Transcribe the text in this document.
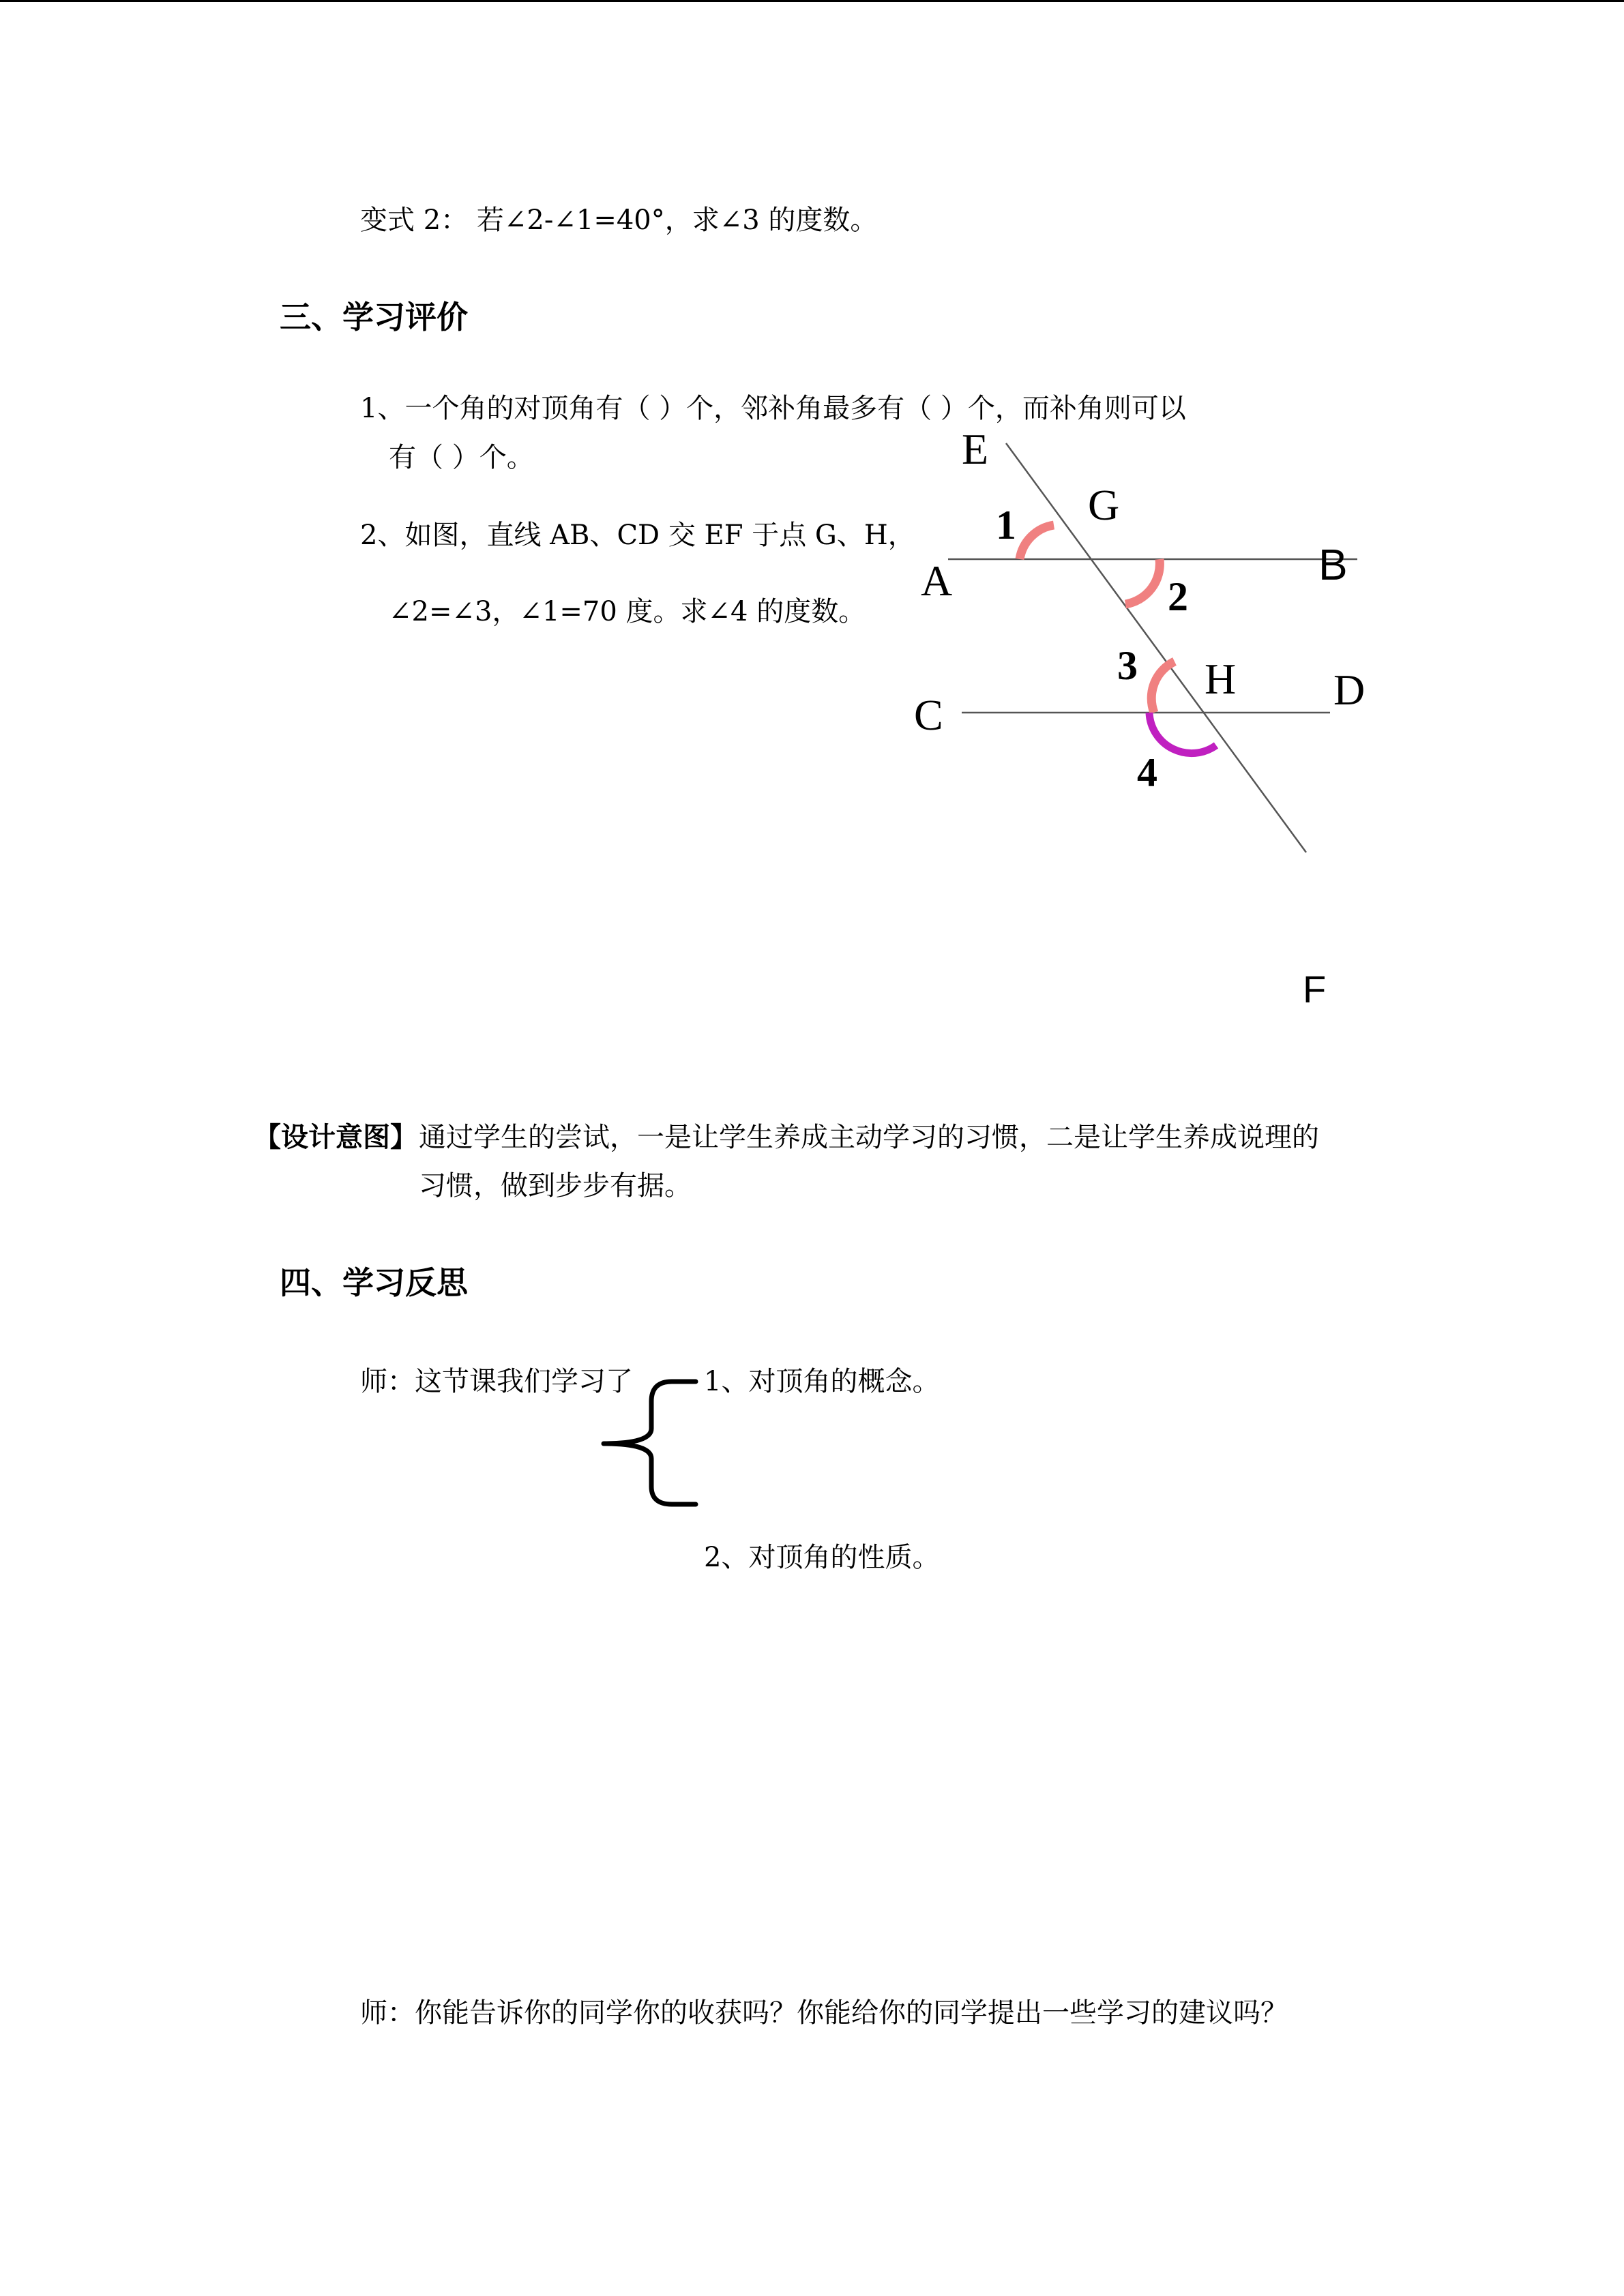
变式 2： 若∠2-∠1=40°，求∠3 的度数。
三、学习评价
1、一个角的对顶角有（ ）个，邻补角最多有（ ）个，而补角则可以
有（ ）个。
2、如图，直线 AB、CD 交 EF 于点 G、H，
∠2=∠3，∠1=70 度。求∠4 的度数。
E
G
A	B
H
C
D
F
1
2
3
4
【设计意图】 通过学生的尝试，一是让学生养成主动学习的习惯，二是让学生养成说理的
习惯，做到步步有据。
四、学习反思
师：这节课我们学习了	1、对顶角的概念。
2、对顶角的性质。
师：你能告诉你的同学你的收获吗？你能给你的同学提出一些学习的建议吗？
